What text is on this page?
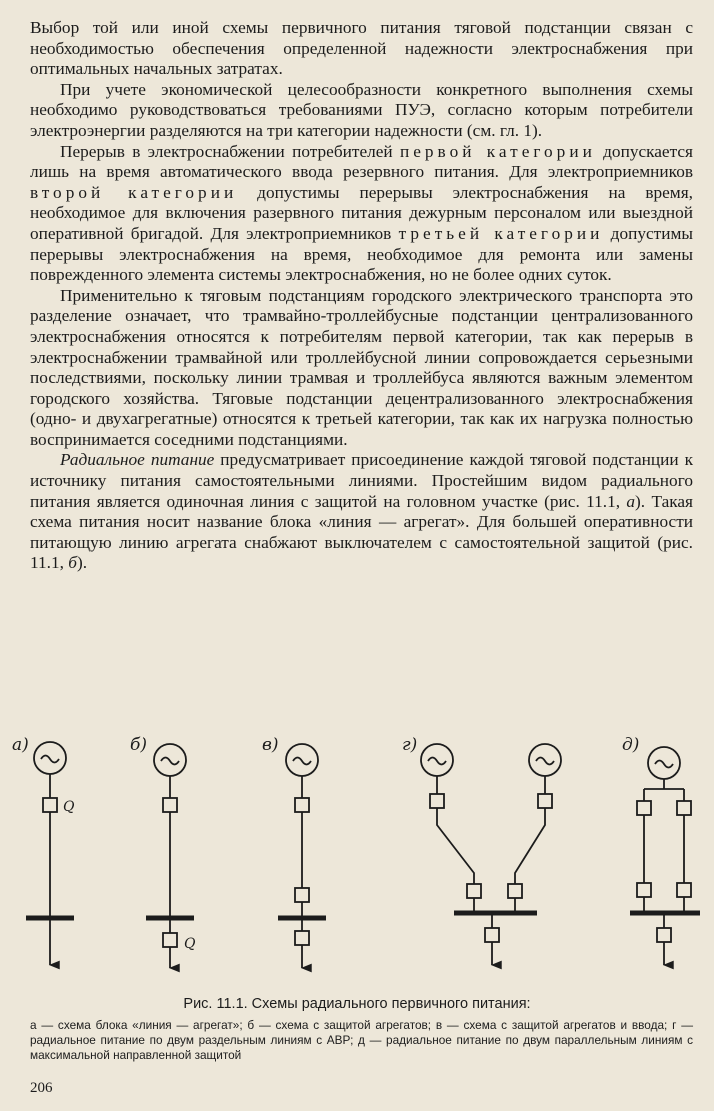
Выбор той или иной схемы первичного питания тяговой подстанции связан с необходимостью обеспечения определенной надежности электроснабжения при оптимальных начальных затратах.

При учете экономической целесообразности конкретного выполнения схемы необходимо руководствоваться требованиями ПУЭ, согласно которым потребители электроэнергии разделяются на три категории надежности (см. гл. 1).

Перерыв в электроснабжении потребителей первой категории допускается лишь на время автоматического ввода резервного питания. Для электроприемников второй категории допустимы перерывы электроснабжения на время, необходимое для включения разервного питания дежурным персоналом или выездной оперативной бригадой. Для электроприемников третьей категории допустимы перерывы электроснабжения на время, необходимое для ремонта или замены поврежденного элемента системы электроснабжения, но не более одних суток.

Применительно к тяговым подстанциям городского электрического транспорта это разделение означает, что трамвайно-троллейбусные подстанции централизованного электроснабжения относятся к потребителям первой категории, так как перерыв в электроснабжении трамвайной или троллейбусной линии сопровождается серьезными последствиями, поскольку линии трамвая и троллейбуса являются важным элементом городского хозяйства. Тяговые подстанции децентрализованного электроснабжения (одно- и двухагрегатные) относятся к третьей категории, так как их нагрузка полностью воспринимается соседними подстанциями.

Радиальное питание предусматривает присоединение каждой тяговой подстанции к источнику питания самостоятельными линиями. Простейшим видом радиального питания является одиночная линия с защитой на головном участке (рис. 11.1, а). Такая схема питания носит название блока «линия — агрегат». Для большей оперативности питающую линию агрегата снабжают выключателем с самостоятельной защитой (рис. 11.1, б).

а)
Q
б)
Q
в)	г)	д)
Рис. 11.1. Схемы радиального первичного питания:
а — схема блока «линия — агрегат»; б — схема с защитой агрегатов; в — схема с защитой агрегатов и ввода; г — радиальное питание по двум раздельным линиям с АВР; д — радиальное питание по двум параллельным линиям с максимальной направленной защитой
206
